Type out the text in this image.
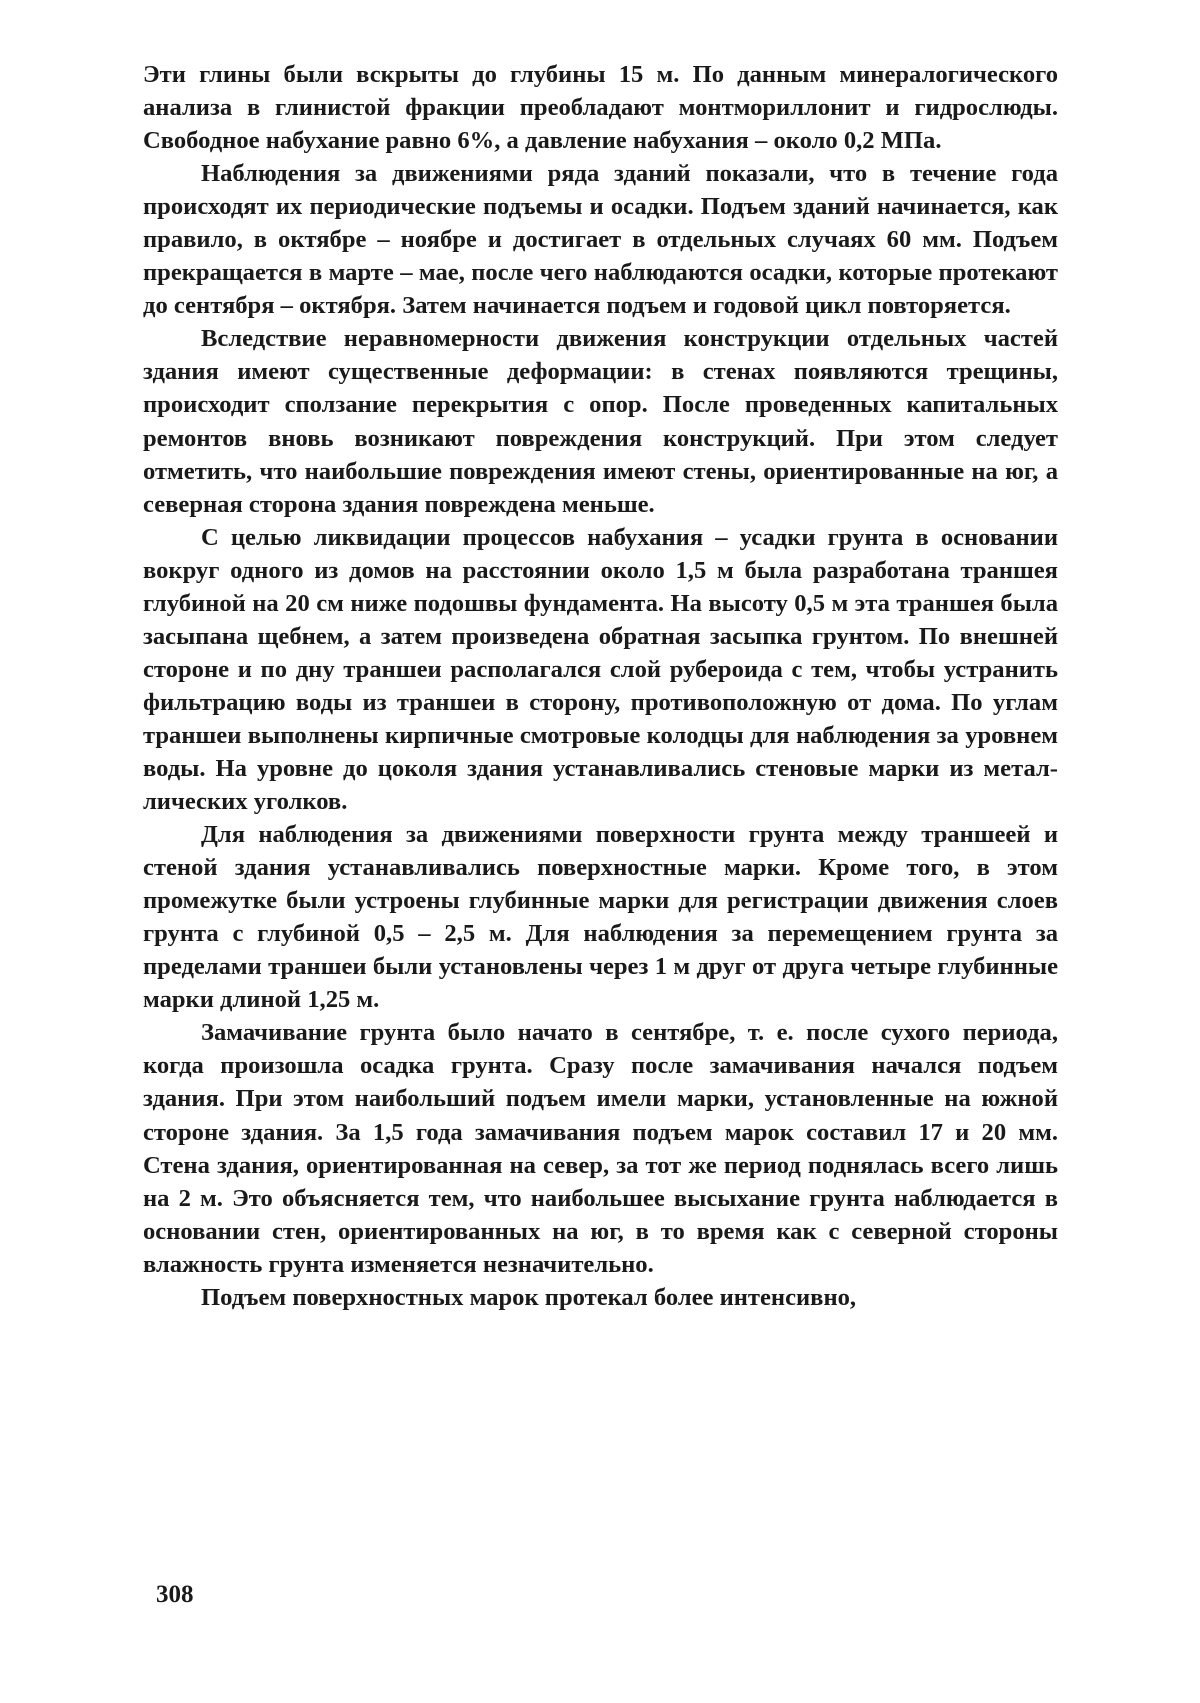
Эти глины были вскрыты до глубины 15 м. По данным минералогического анализа в глинистой фракции преобладают монтмориллонит и гидрослюды. Свободное набухание равно 6%, а давление набухания – около 0,2 МПа.

Наблюдения за движениями ряда зданий показали, что в течение года происходят их периодические подъемы и осадки. Подъем зданий начинается, как правило, в октябре – ноябре и достигает в отдельных случаях 60 мм. Подъем прекращается в марте – мае, после чего наблюдаются осадки, которые протекают до сентября – октября. Затем начинается подъем и годовой цикл повторяется.

Вследствие неравномерности движения конструкции отдельных частей здания имеют существенные деформации: в стенах появляются трещины, происходит сползание перекрытия с опор. После проведенных капитальных ремонтов вновь возникают повреждения конструкций. При этом следует отметить, что наибольшие повреждения имеют стены, ориентированные на юг, а северная сторона здания повреждена меньше.

С целью ликвидации процессов набухания – усадки грунта в основании вокруг одного из домов на расстоянии около 1,5 м была разработана траншея глубиной на 20 см ниже подошвы фундамента. На высоту 0,5 м эта траншея была засыпана щебнем, а затем произведена обратная засыпка грунтом. По внешней стороне и по дну траншеи располагался слой рубероида с тем, чтобы устранить фильтрацию воды из траншеи в сторону, противоположную от дома. По углам траншеи выполнены кирпичные смотровые колодцы для наблюдения за уровнем воды. На уровне до цоколя здания устанавливались стеновые марки из металлических уголков.

Для наблюдения за движениями поверхности грунта между траншеей и стеной здания устанавливались поверхностные марки. Кроме того, в этом промежутке были устроены глубинные марки для регистрации движения слоев грунта с глубиной 0,5 – 2,5 м. Для наблюдения за перемещением грунта за пределами траншеи были установлены через 1 м друг от друга четыре глубинные марки длиной 1,25 м.

Замачивание грунта было начато в сентябре, т. е. после сухого периода, когда произошла осадка грунта. Сразу после замачивания начался подъем здания. При этом наибольший подъем имели марки, установленные на южной стороне здания. За 1,5 года замачивания подъем марок составил 17 и 20 мм. Стена здания, ориентированная на север, за тот же период поднялась всего лишь на 2 м. Это объясняется тем, что наибольшее высыхание грунта наблюдается в основании стен, ориентированных на юг, в то время как с северной стороны влажность грунта изменяется незначительно.

Подъем поверхностных марок протекал более интенсивно,

308
